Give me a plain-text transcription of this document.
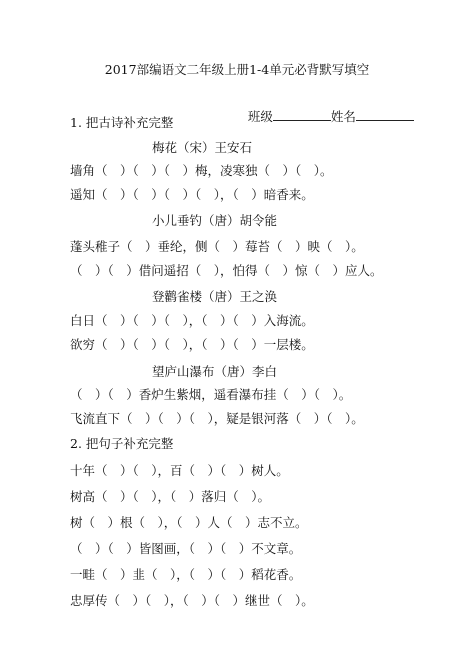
2017部编语文二年级上册1-4单元必背默写填空

班级	姓名

1. 把古诗补充完整
梅花（宋）王安石
墙角（　）（　）（　）梅，凌寒独（　）（　）。
遥知（　）（　）（　）（　），（　）暗香来。
小儿垂钓（唐）胡令能
蓬头稚子（　）垂纶，侧（　）莓苔（　）映（　）。
（　）（　）借问遥招（　），怕得（　）惊（　）应人。
登鹳雀楼（唐）王之涣
白日（　）（　）（　），（　）（　）入海流。
欲穷（　）（　）（　），（　）（　）一层楼。
望庐山瀑布（唐）李白
（　）（　）香炉生紫烟，遥看瀑布挂（　）（　）。
飞流直下（　）（　）（　），疑是银河落（　）（　）。
2. 把句子补充完整
十年（　）（　），百（　）（　）树人。
树高（　）（　），（　）落归（　）。
树（　）根（　），（　）人（　）志不立。
（　）（　）皆图画，（　）（　）不文章。
一畦（　）韭（　），（　）（　）稻花香。
忠厚传（　）（　），（　）（　）继世（　）。
